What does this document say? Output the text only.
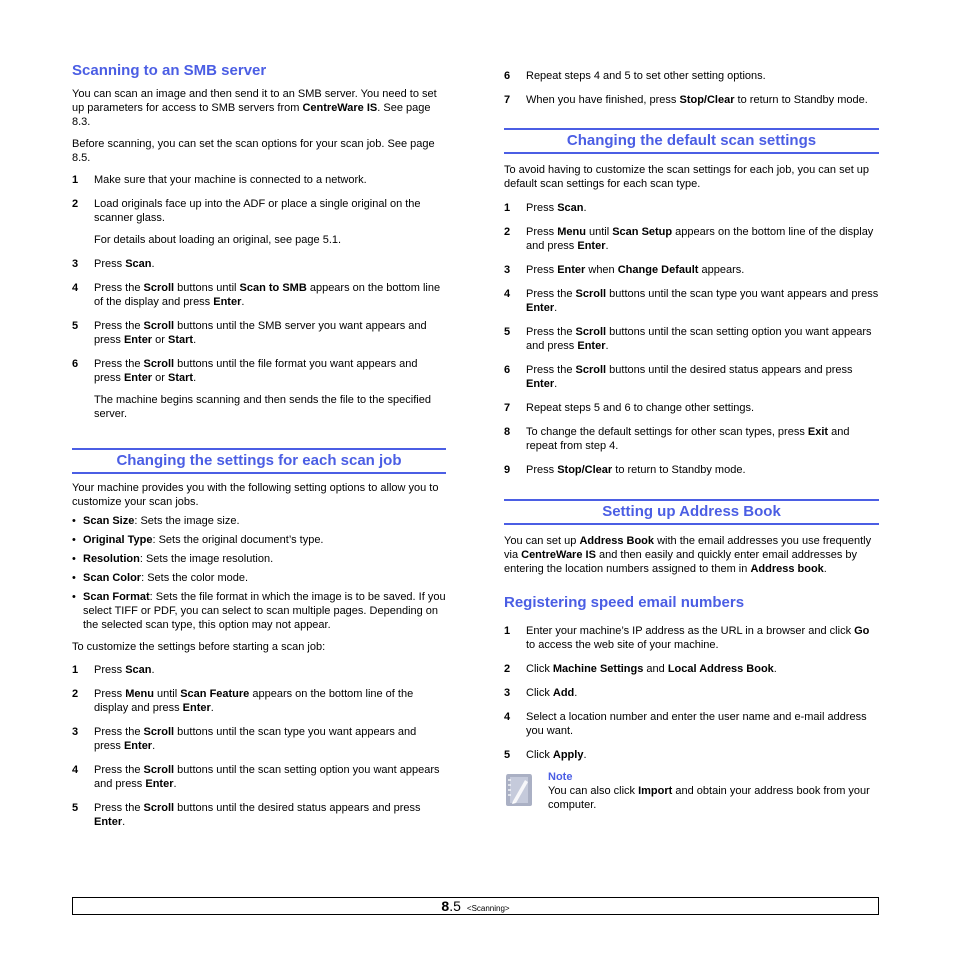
Scanning to an SMB server

You can scan an image and then send it to an SMB server. You need to set up parameters for access to SMB servers from CentreWare IS. See page 8.3.

Before scanning, you can set the scan options for your scan job. See page 8.5.

1	Make sure that your machine is connected to a network.
2	Load originals face up into the ADF or place a single original on the scanner glass.

For details about loading an original, see page 5.1.

3	Press Scan.
4	Press the Scroll buttons until Scan to SMB appears on the bottom line of the display and press Enter.
5	Press the Scroll buttons until the SMB server you want appears and press Enter or Start.
6	Press the Scroll buttons until the file format you want appears and press Enter or Start.

The machine begins scanning and then sends the file to the specified server.

Changing the settings for each scan job

Your machine provides you with the following setting options to allow you to customize your scan jobs.

• Scan Size: Sets the image size.
• Original Type: Sets the original document’s type.
• Resolution: Sets the image resolution.
• Scan Color: Sets the color mode.
• Scan Format: Sets the file format in which the image is to be saved. If you select TIFF or PDF, you can select to scan multiple pages. Depending on the selected scan type, this option may not appear.

To customize the settings before starting a scan job:

1	Press Scan.
2	Press Menu until Scan Feature appears on the bottom line of the display and press Enter.
3	Press the Scroll buttons until the scan type you want appears and press Enter.
4	Press the Scroll buttons until the scan setting option you want appears and press Enter.
5	Press the Scroll buttons until the desired status appears and press Enter.
6	Repeat steps 4 and 5 to set other setting options.
7	When you have finished, press Stop/Clear to return to Standby mode.
Changing the default scan settings

To avoid having to customize the scan settings for each job, you can set up default scan settings for each scan type.

1	Press Scan.
2	Press Menu until Scan Setup appears on the bottom line of the display and press Enter.
3	Press Enter when Change Default appears.
4	Press the Scroll buttons until the scan type you want appears and press Enter.
5	Press the Scroll buttons until the scan setting option you want appears and press Enter.
6	Press the Scroll buttons until the desired status appears and press Enter.
7	Repeat steps 5 and 6 to change other settings.
8	To change the default settings for other scan types, press Exit and repeat from step 4.
9	Press Stop/Clear to return to Standby mode.
Setting up Address Book

You can set up Address Book with the email addresses you use frequently via CentreWare IS and then easily and quickly enter email addresses by entering the location numbers assigned to them in Address book.

Registering speed email numbers
1	Enter your machine’s IP address as the URL in a browser and click Go to access the web site of your machine.
2	Click Machine Settings and Local Address Book.
3	Click Add.
4	Select a location number and enter the user name and e-mail address you want.
5	Click Apply.
Note

You can also click Import and obtain your address book from your computer.

8.5 <Scanning>
